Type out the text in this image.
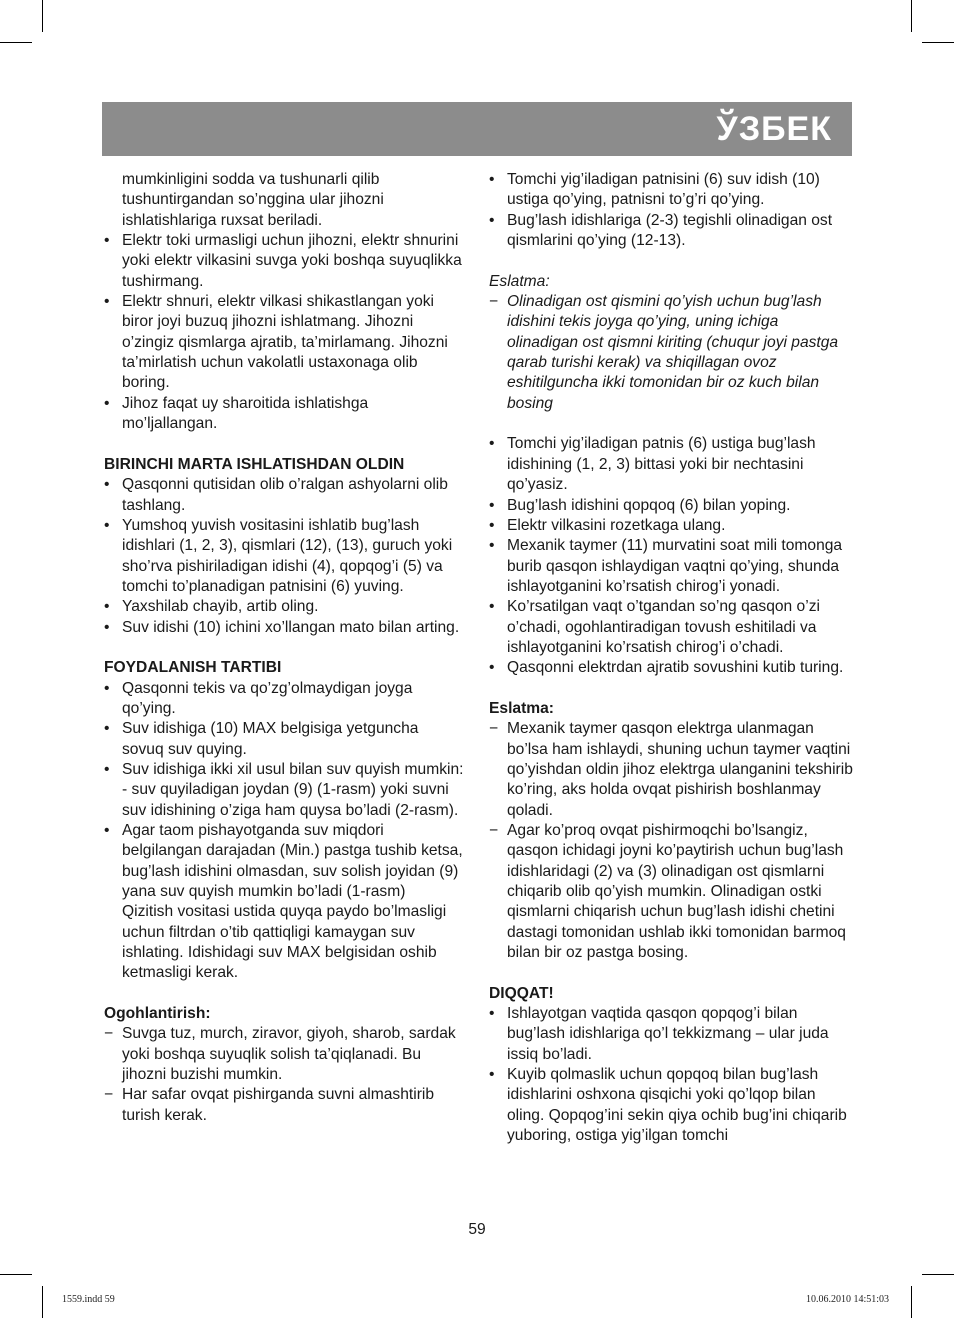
ЎЗБЕК

mumkinligini sodda va tushunarli qilib tushuntirgandan so’nggina ular jihozni ishlatishlariga ruxsat beriladi.

• Elektr toki urmasligi uchun jihozni, elektr shnurini yoki elektr vilkasini suvga yoki boshqa suyuqlikka tushirmang.
• Elektr shnuri, elektr vilkasi shikastlangan yoki biror joyi buzuq jihozni ishlatmang. Jihozni o’zingiz qismlarga ajratib, ta’mirlamang. Jihozni ta’mirlatish uchun vakolatli ustaxonaga olib boring.
• Jihoz faqat uy sharoitida ishlatishga mo’ljallangan.

BIRINCHI MARTA ISHLATISHDAN OLDIN

• Qasqonni qutisidan olib o’ralgan ashyolarni olib tashlang.
• Yumshoq yuvish vositasini ishlatib bug’lash idishlari (1, 2, 3), qismlari (12), (13), guruch yoki sho’rva pishiriladigan idishi (4), qopqog’i (5) va tomchi to’planadigan patnisini (6) yuving.
• Yaxshilab chayib, artib oling.
• Suv idishi (10) ichini xo’llangan mato bilan arting.

FOYDALANISH TARTIBI

• Qasqonni tekis va qo’zg’olmaydigan joyga qo’ying.
• Suv idishiga (10) MAX belgisiga yetguncha sovuq suv quying.
• Suv idishiga ikki xil usul bilan suv quyish mumkin: - suv quyiladigan joydan (9) (1-rasm) yoki suvni suv idishining o’ziga ham quysa bo’ladi (2-rasm).
• Agar taom pishayotganda suv miqdori belgilangan darajadan (Min.) pastga tushib ketsa, bug’lash idishini olmasdan, suv solish joyidan (9) yana suv quyish mumkin bo’ladi (1-rasm)

Qizitish vositasi ustida quyqa paydo bo’lmasligi uchun filtrdan o’tib qattiqligi kamaygan suv ishlating. Idishidagi suv MAX belgisidan oshib ketmasligi kerak.

Ogohlantirish:

− Suvga tuz, murch, ziravor, giyoh, sharob, sardak yoki boshqa suyuqlik solish ta’qiqlanadi. Bu jihozni buzishi mumkin.
− Har safar ovqat pishirganda suvni almashtirib turish kerak.
• Tomchi yig’iladigan patnisini (6) suv idish (10) ustiga qo’ying, patnisni to’g’ri qo’ying.
• Bug’lash idishlariga (2-3) tegishli olinadigan ost qismlarini qo’ying (12-13).

Eslatma:

− Olinadigan ost qismini qo’yish uchun bug’lash idishini tekis joyga qo’ying, uning ichiga olinadigan ost qismni kiriting (chuqur joyi pastga qarab turishi kerak) va shiqillagan ovoz eshitilguncha ikki tomonidan bir oz kuch bilan bosing
• Tomchi yig’iladigan patnis (6) ustiga bug’lash idishining (1, 2, 3) bittasi yoki bir nechtasini qo’yasiz.
• Bug’lash idishini qopqoq (6) bilan yoping.
• Elektr vilkasini rozetkaga ulang.
• Mexanik taymer (11) murvatini soat mili tomonga burib qasqon ishlaydigan vaqtni qo’ying, shunda ishlayotganini ko’rsatish chirog’i yonadi.
• Ko’rsatilgan vaqt o’tgandan so’ng qasqon o’zi o’chadi, ogohlantiradigan tovush eshitiladi va ishlayotganini ko’rsatish chirog’i o’chadi.
• Qasqonni elektrdan ajratib sovushini kutib turing.

Eslatma:

− Mexanik taymer qasqon elektrga ulanmagan bo’lsa ham ishlaydi, shuning uchun taymer vaqtini qo’yishdan oldin jihoz elektrga ulanganini tekshirib ko’ring, aks holda ovqat pishirish boshlanmay qoladi.
− Agar ko’proq ovqat pishirmoqchi bo’lsangiz, qasqon ichidagi joyni ko’paytirish uchun bug’lash idishlaridagi (2) va (3) olinadigan ost qismlarni chiqarib olib qo’yish mumkin. Olinadigan ostki qismlarni chiqarish uchun bug’lash idishi chetini dastagi tomonidan ushlab ikki tomonidan barmoq bilan bir oz pastga bosing.

DIQQAT!

• Ishlayotgan vaqtida qasqon qopqog’i bilan bug’lash idishlariga qo’l tekkizmang – ular juda issiq bo’ladi.
• Kuyib qolmaslik uchun qopqoq bilan bug’lash idishlarini oshxona qisqichi yoki qo’lqop bilan oling. Qopqog’ini sekin qiya ochib bug’ini chiqarib yuboring, ostiga yig’ilgan tomchi
59
1559.indd 59	10.06.2010 14:51:03
